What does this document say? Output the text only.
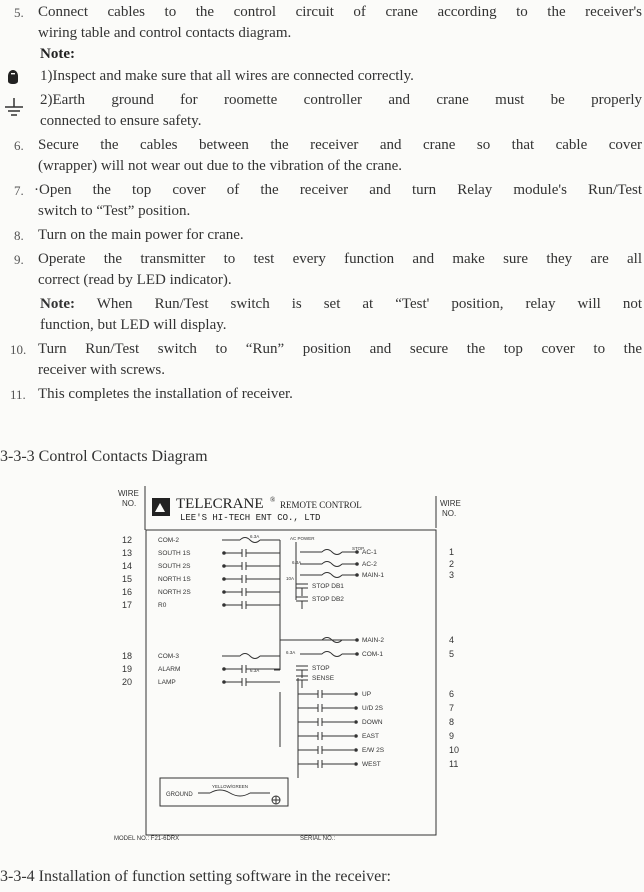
5. Connect cables to the control circuit of crane according to the receiver's
wiring table and control contacts diagram.
Note:
1)Inspect and make sure that all wires are connected correctly.
2)Earth ground for roomette controller and crane must be properly
connected to ensure safety.
6. Secure the cables between the receiver and crane so that cable cover
(wrapper) will not wear out due to the vibration of the crane.
7. ·Open the top cover of the receiver and turn Relay module's Run/Test
switch to “Test” position.
8. Turn on the main power for crane.
9. Operate the transmitter to test every function and make sure they are all
correct (read by LED indicator).
Note: When Run/Test switch is set at “Test' position, relay will not
function, but LED will display.
10. Turn Run/Test switch to “Run” position and secure the top cover to the
receiver with screws.
11. This completes the installation of receiver.
3-3-3 Control Contacts Diagram
WIRE
NO.	WIRE
NO.
TELECRANE ® REMOTE CONTROL
LEE'S HI-TECH ENT CO., LTD
12
13
14
15
16
17
18
19
20
COM-2
SOUTH 1S
SOUTH 2S
NORTH 1S
NORTH 2S
R0
COM-3
ALARM
LAMP
AC-1
AC-2
MAIN-1
STOP DB1
STOP DB2
MAIN-2
COM-1
STOP
SENSE
UP
U/D 2S
DOWN
EAST
E/W 2S
WEST
1
2
3
4
5
6
7
8
9
10
11
6.3A	AC POWER
STOP
6.3A
10A
6.3A
6.3A
GROUND
YELLOW/GREEN
MODEL NO.: F21-6DRX	SERIAL NO.:
3-3-4 Installation of function setting software in the receiver:
